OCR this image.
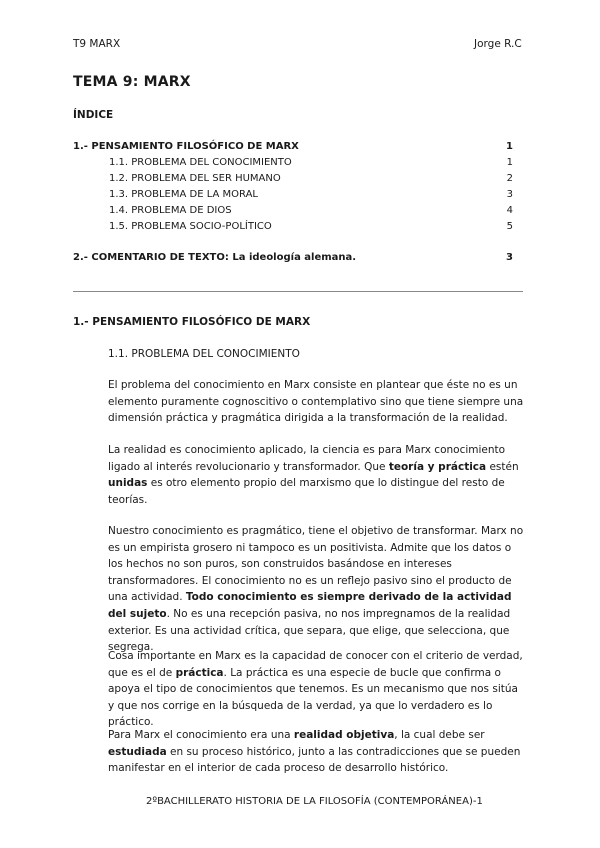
T9 MARX	Jorge R.C
TEMA 9: MARX
ÍNDICE
1.- PENSAMIENTO FILOSÓFICO DE MARX	1
1.1. PROBLEMA DEL CONOCIMIENTO	1
1.2. PROBLEMA DEL SER HUMANO	2
1.3. PROBLEMA DE LA MORAL	3
1.4. PROBLEMA DE DIOS	4
1.5. PROBLEMA SOCIO-POLÍTICO	5
2.- COMENTARIO DE TEXTO: La ideología alemana.	3
1.- PENSAMIENTO FILOSÓFICO DE MARX
1.1. PROBLEMA DEL CONOCIMIENTO
El problema del conocimiento en Marx consiste en plantear que éste no es un elemento puramente cognoscitivo o contemplativo sino que tiene siempre una dimensión práctica y pragmática dirigida a la transformación de la realidad.
La realidad es conocimiento aplicado, la ciencia es para Marx conocimiento ligado al interés revolucionario y transformador. Que teoría y práctica estén unidas es otro elemento propio del marxismo que lo distingue del resto de teorías.
Nuestro conocimiento es pragmático, tiene el objetivo de transformar. Marx no es un empirista grosero ni tampoco es un positivista. Admite que los datos o los hechos no son puros, son construidos basándose en intereses transformadores. El conocimiento no es un reflejo pasivo sino el producto de una actividad. Todo conocimiento es siempre derivado de la actividad del sujeto. No es una recepción pasiva, no nos impregnamos de la realidad exterior. Es una actividad crítica, que separa, que elige, que selecciona, que segrega.
Cosa importante en Marx es la capacidad de conocer con el criterio de verdad, que es el de práctica. La práctica es una especie de bucle que confirma o apoya el tipo de conocimientos que tenemos. Es un mecanismo que nos sitúa y que nos corrige en la búsqueda de la verdad, ya que lo verdadero es lo práctico.
Para Marx el conocimiento era una realidad objetiva, la cual debe ser estudiada en su proceso histórico, junto a las contradicciones que se pueden manifestar en el interior de cada proceso de desarrollo histórico.
2ºBACHILLERATO HISTORIA DE LA FILOSOFÍA (CONTEMPORÁNEA)-1
